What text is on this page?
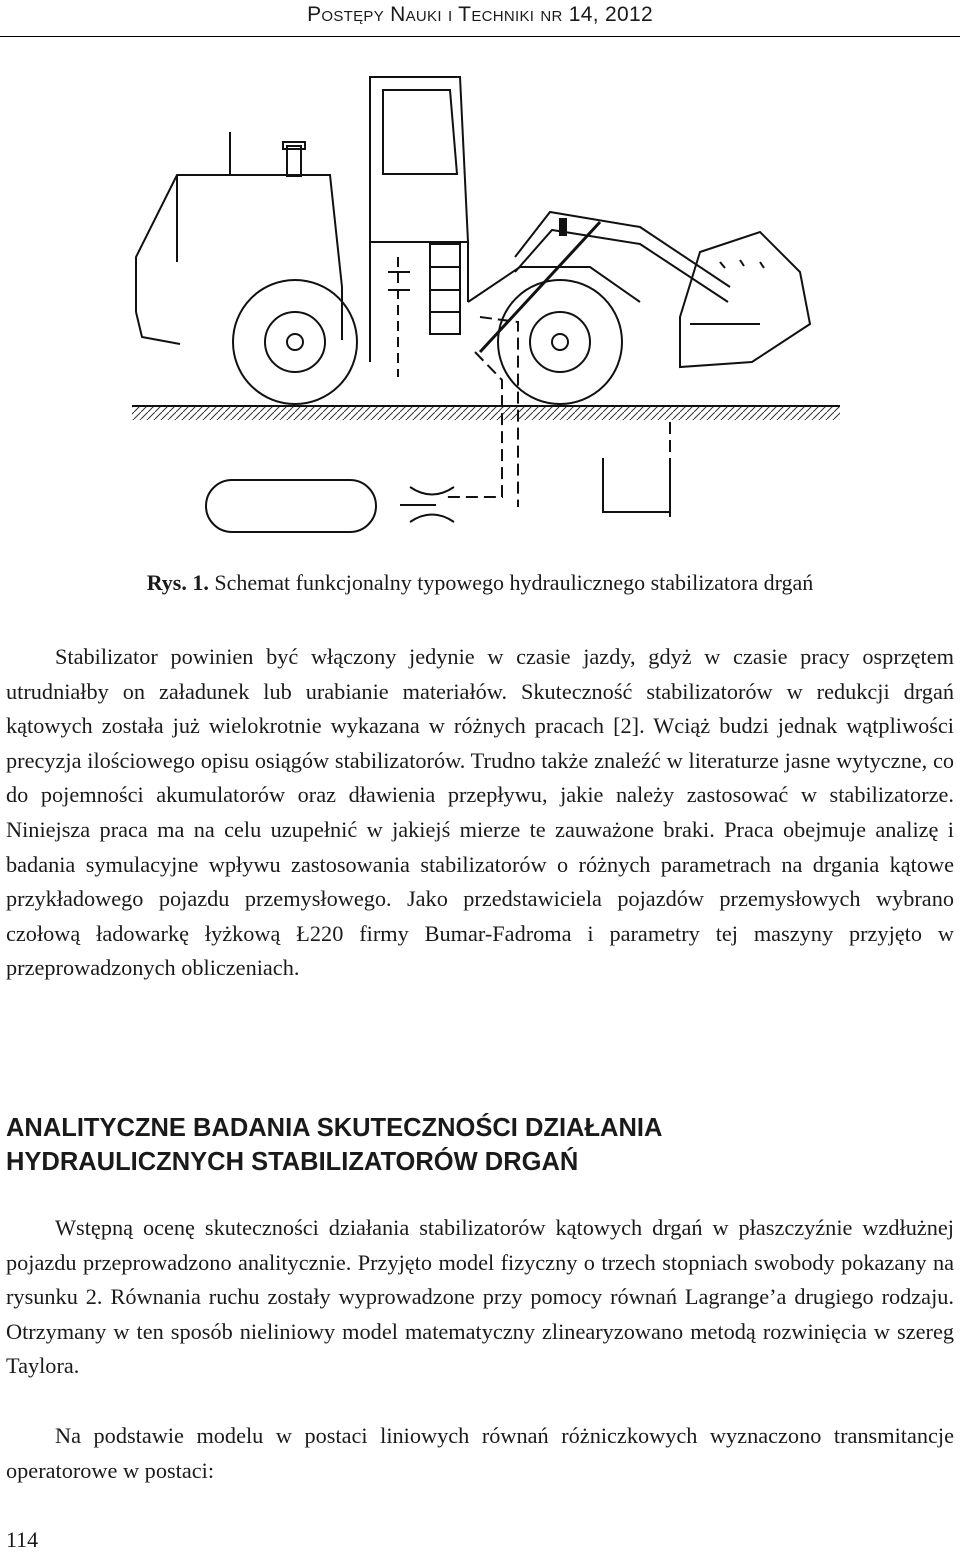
Postępy Nauki i Techniki nr 14, 2012
Rys. 1. Schemat funkcjonalny typowego hydraulicznego stabilizatora drgań

Stabilizator powinien być włączony jedynie w czasie jazdy, gdyż w czasie pracy osprzętem utrudniałby on załadunek lub urabianie materiałów. Skuteczność stabilizatorów w redukcji drgań kątowych została już wielokrotnie wykazana w różnych pracach [2]. Wciąż budzi jednak wątpliwości precyzja ilościowego opisu osiągów stabilizatorów. Trudno także znaleźć w literaturze jasne wytyczne, co do pojemności akumulatorów oraz dławienia przepływu, jakie należy zastosować w stabilizatorze. Niniejsza praca ma na celu uzupełnić w jakiejś mierze te zauważone braki. Praca obejmuje analizę i badania symulacyjne wpływu zastosowania stabilizatorów o różnych parametrach na drgania kątowe przykładowego pojazdu przemysłowego. Jako przedstawiciela pojazdów przemysłowych wybrano czołową ładowarkę łyżkową Ł220 firmy Bumar-Fadroma i parametry tej maszyny przyjęto w przeprowadzonych obliczeniach.

ANALITYCZNE BADANIA SKUTECZNOŚCI DZIAŁANIA
HYDRAULICZNYCH STABILIZATORÓW DRGAŃ

Wstępną ocenę skuteczności działania stabilizatorów kątowych drgań w płaszczyźnie wzdłużnej pojazdu przeprowadzono analitycznie. Przyjęto model fizyczny o trzech stopniach swobody pokazany na rysunku 2. Równania ruchu zostały wyprowadzone przy pomocy równań Lagrange’a drugiego rodzaju. Otrzymany w ten sposób nieliniowy model matematyczny zlinearyzowano metodą rozwinięcia w szereg Taylora.

Na podstawie modelu w postaci liniowych równań różniczkowych wyznaczono transmitancje operatorowe w postaci:

114
